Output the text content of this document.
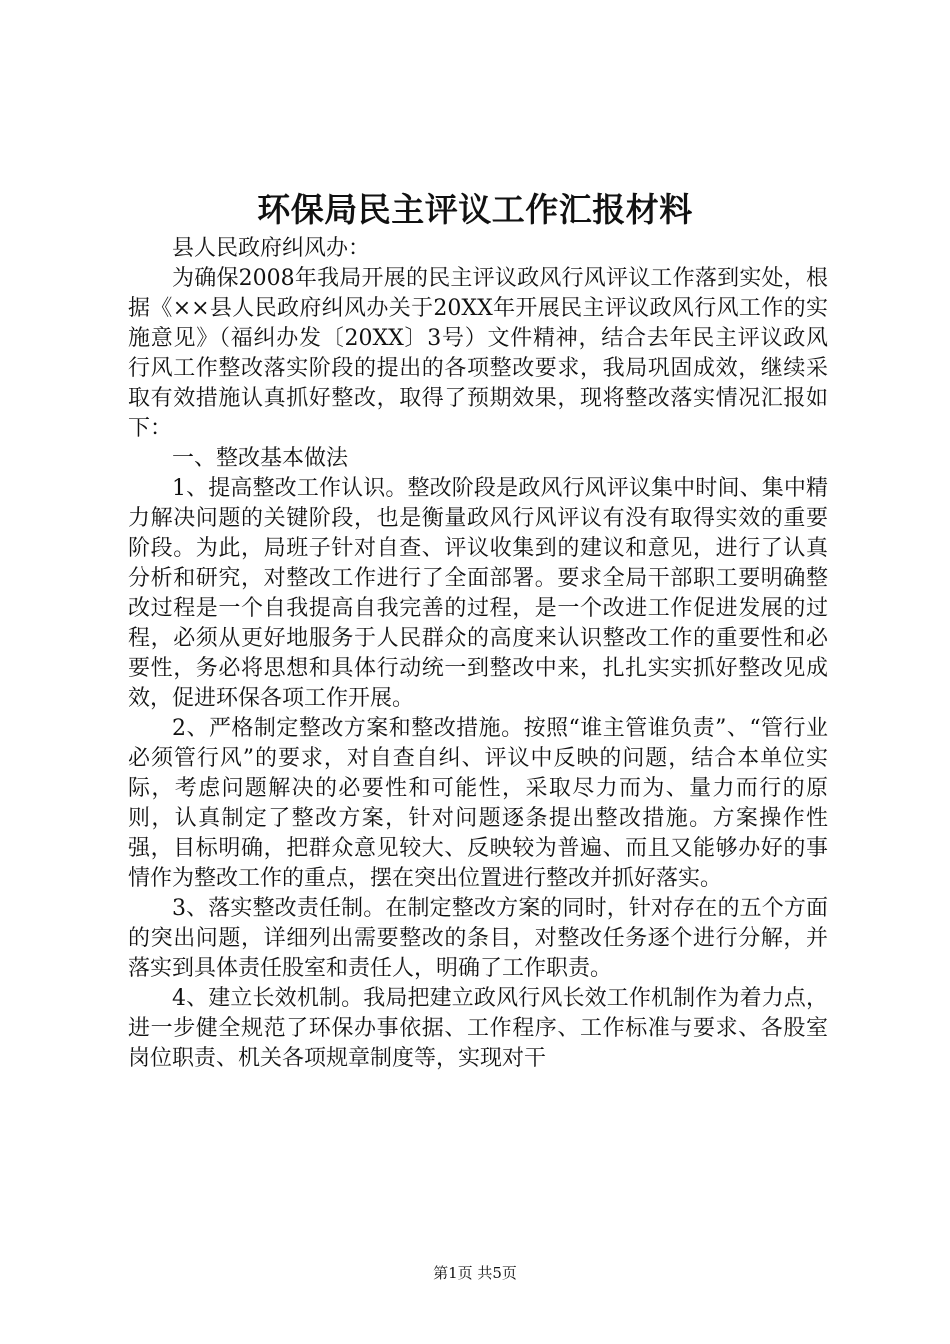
环保局民主评议工作汇报材料

县人民政府纠风办：

为确保2008年我局开展的民主评议政风行风评议工作落到实处，根据《××县人民政府纠风办关于20XX年开展民主评议政风行风工作的实施意见》（福纠办发〔20XX〕3号）文件精神，结合去年民主评议政风行风工作整改落实阶段的提出的各项整改要求，我局巩固成效，继续采取有效措施认真抓好整改，取得了预期效果，现将整改落实情况汇报如下：

一、整改基本做法

1、提高整改工作认识。整改阶段是政风行风评议集中时间、集中精力解决问题的关键阶段，也是衡量政风行风评议有没有取得实效的重要阶段。为此，局班子针对自查、评议收集到的建议和意见，进行了认真分析和研究，对整改工作进行了全面部署。要求全局干部职工要明确整改过程是一个自我提高自我完善的过程，是一个改进工作促进发展的过程，必须从更好地服务于人民群众的高度来认识整改工作的重要性和必要性，务必将思想和具体行动统一到整改中来，扎扎实实抓好整改见成效，促进环保各项工作开展。

2、严格制定整改方案和整改措施。按照“谁主管谁负责”、“管行业必须管行风”的要求，对自查自纠、评议中反映的问题，结合本单位实际，考虑问题解决的必要性和可能性，采取尽力而为、量力而行的原则，认真制定了整改方案，针对问题逐条提出整改措施。方案操作性强，目标明确，把群众意见较大、反映较为普遍、而且又能够办好的事情作为整改工作的重点，摆在突出位置进行整改并抓好落实。

3、落实整改责任制。在制定整改方案的同时，针对存在的五个方面的突出问题，详细列出需要整改的条目，对整改任务逐个进行分解，并落实到具体责任股室和责任人，明确了工作职责。

4、建立长效机制。我局把建立政风行风长效工作机制作为着力点，进一步健全规范了环保办事依据、工作程序、工作标准与要求、各股室岗位职责、机关各项规章制度等，实现对干

第1页 共5页
